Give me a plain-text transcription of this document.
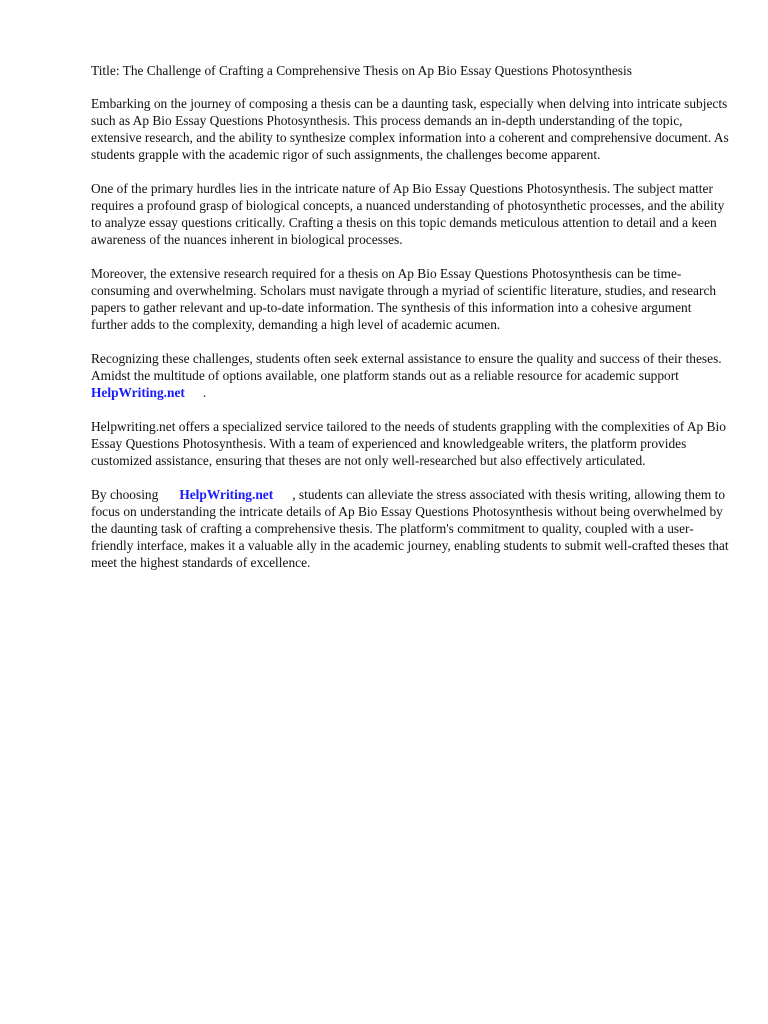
Title: The Challenge of Crafting a Comprehensive Thesis on Ap Bio Essay Questions Photosynthesis

Embarking on the journey of composing a thesis can be a daunting task, especially when delving into intricate subjects such as Ap Bio Essay Questions Photosynthesis. This process demands an in-depth understanding of the topic, extensive research, and the ability to synthesize complex information into a coherent and comprehensive document. As students grapple with the academic rigor of such assignments, the challenges become apparent.

One of the primary hurdles lies in the intricate nature of Ap Bio Essay Questions Photosynthesis. The subject matter requires a profound grasp of biological concepts, a nuanced understanding of photosynthetic processes, and the ability to analyze essay questions critically. Crafting a thesis on this topic demands meticulous attention to detail and a keen awareness of the nuances inherent in biological processes.

Moreover, the extensive research required for a thesis on Ap Bio Essay Questions Photosynthesis can be time-consuming and overwhelming. Scholars must navigate through a myriad of scientific literature, studies, and research papers to gather relevant and up-to-date information. The synthesis of this information into a cohesive argument further adds to the complexity, demanding a high level of academic acumen.

Recognizing these challenges, students often seek external assistance to ensure the quality and success of their theses. Amidst the multitude of options available, one platform stands out as a reliable resource for academic supportHelpWriting.net .

Helpwriting.net offers a specialized service tailored to the needs of students grappling with the complexities of Ap Bio Essay Questions Photosynthesis. With a team of experienced and knowledgeable writers, the platform provides customized assistance, ensuring that theses are not only well-researched but also effectively articulated.

By choosing HelpWriting.net , students can alleviate the stress associated with thesis writing, allowing them to focus on understanding the intricate details of Ap Bio Essay Questions Photosynthesis without being overwhelmed by the daunting task of crafting a comprehensive thesis. The platform's commitment to quality, coupled with a user-friendly interface, makes it a valuable ally in the academic journey, enabling students to submit well-crafted theses that meet the highest standards of excellence.
